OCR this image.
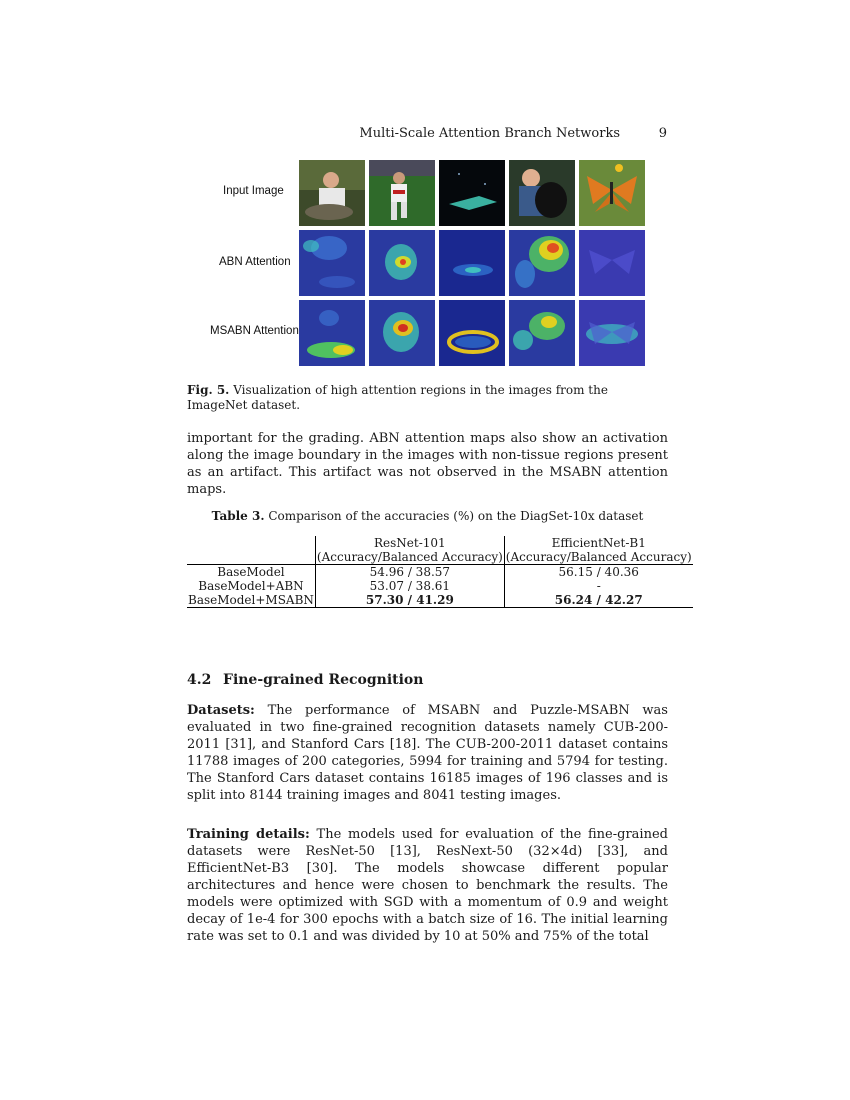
Multi-Scale Attention Branch Networks	9
Input Image
ABN Attention
MSABN Attention
Fig. 5. Visualization of high attention regions in the images from the ImageNet dataset.
important for the grading. ABN attention maps also show an activation along the image boundary in the images with non-tissue regions present as an artifact. This artifact was not observed in the MSABN attention maps.
Table 3. Comparison of the accuracies (%) on the DiagSet-10x dataset
	ResNet-101	EfficientNet-B1
	(Accuracy/Balanced Accuracy)	(Accuracy/Balanced Accuracy)
BaseModel	54.96 / 38.57	56.15 / 40.36
BaseModel+ABN	53.07 / 38.61	-
BaseModel+MSABN	57.30 / 41.29	56.24 / 42.27
4.2 Fine-grained Recognition
Datasets: The performance of MSABN and Puzzle-MSABN was evaluated in two fine-grained recognition datasets namely CUB-200-2011 [31], and Stanford Cars [18]. The CUB-200-2011 dataset contains 11788 images of 200 categories, 5994 for training and 5794 for testing. The Stanford Cars dataset contains 16185 images of 196 classes and is split into 8144 training images and 8041 testing images.
Training details: The models used for evaluation of the fine-grained datasets were ResNet-50 [13], ResNext-50 (32×4d) [33], and EfficientNet-B3 [30]. The models showcase different popular architectures and hence were chosen to benchmark the results. The models were optimized with SGD with a momentum of 0.9 and weight decay of 1e-4 for 300 epochs with a batch size of 16. The initial learning rate was set to 0.1 and was divided by 10 at 50% and 75% of the total
